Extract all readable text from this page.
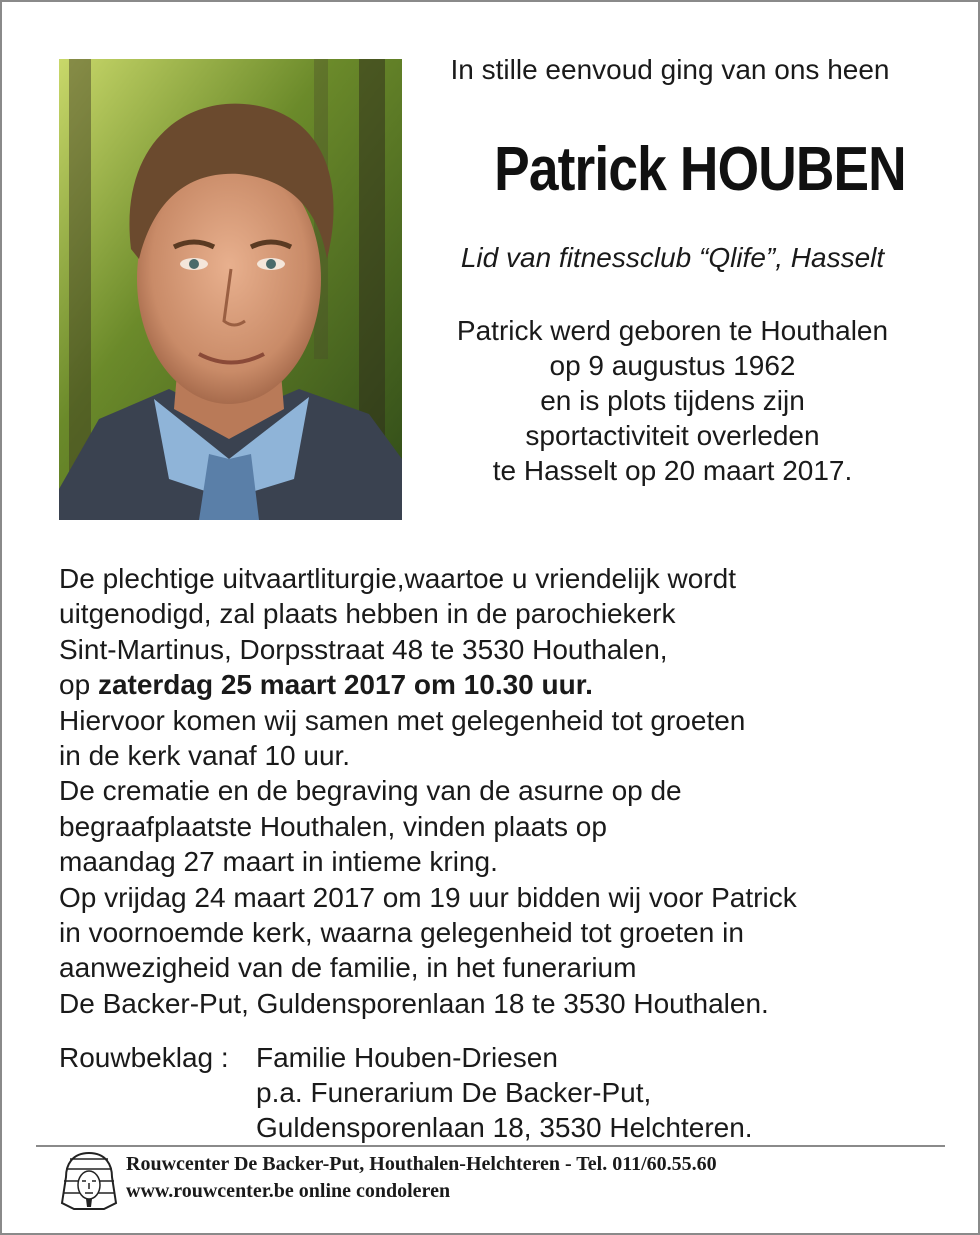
In stille eenvoud ging van ons heen
Patrick HOUBEN
Lid van fitnessclub “Qlife”, Hasselt
Patrick werd geboren te Houthalen
op 9 augustus 1962
en is plots tijdens zijn
sportactiviteit overleden
te Hasselt op 20 maart 2017.
De plechtige uitvaartliturgie,waartoe u vriendelijk wordt
uitgenodigd, zal plaats hebben in de parochiekerk
Sint-Martinus, Dorpsstraat 48 te 3530 Houthalen,
op zaterdag 25 maart 2017 om 10.30 uur.
Hiervoor komen wij samen met gelegenheid tot groeten
in de kerk vanaf 10 uur.
De crematie en de begraving van de asurne op de
begraafplaatste Houthalen, vinden plaats op
maandag 27 maart in intieme kring.
Op vrijdag 24 maart 2017 om 19 uur bidden wij voor Patrick
in voornoemde kerk, waarna gelegenheid tot groeten in
aanwezigheid van de familie, in het funerarium
De Backer-Put, Guldensporenlaan 18 te 3530 Houthalen.
Rouwbeklag : Familie Houben-Driesen
p.a. Funerarium De Backer-Put,
Guldensporenlaan 18, 3530 Helchteren.
Rouwcenter De Backer-Put, Houthalen-Helchteren - Tel. 011/60.55.60
www.rouwcenter.be online condoleren
